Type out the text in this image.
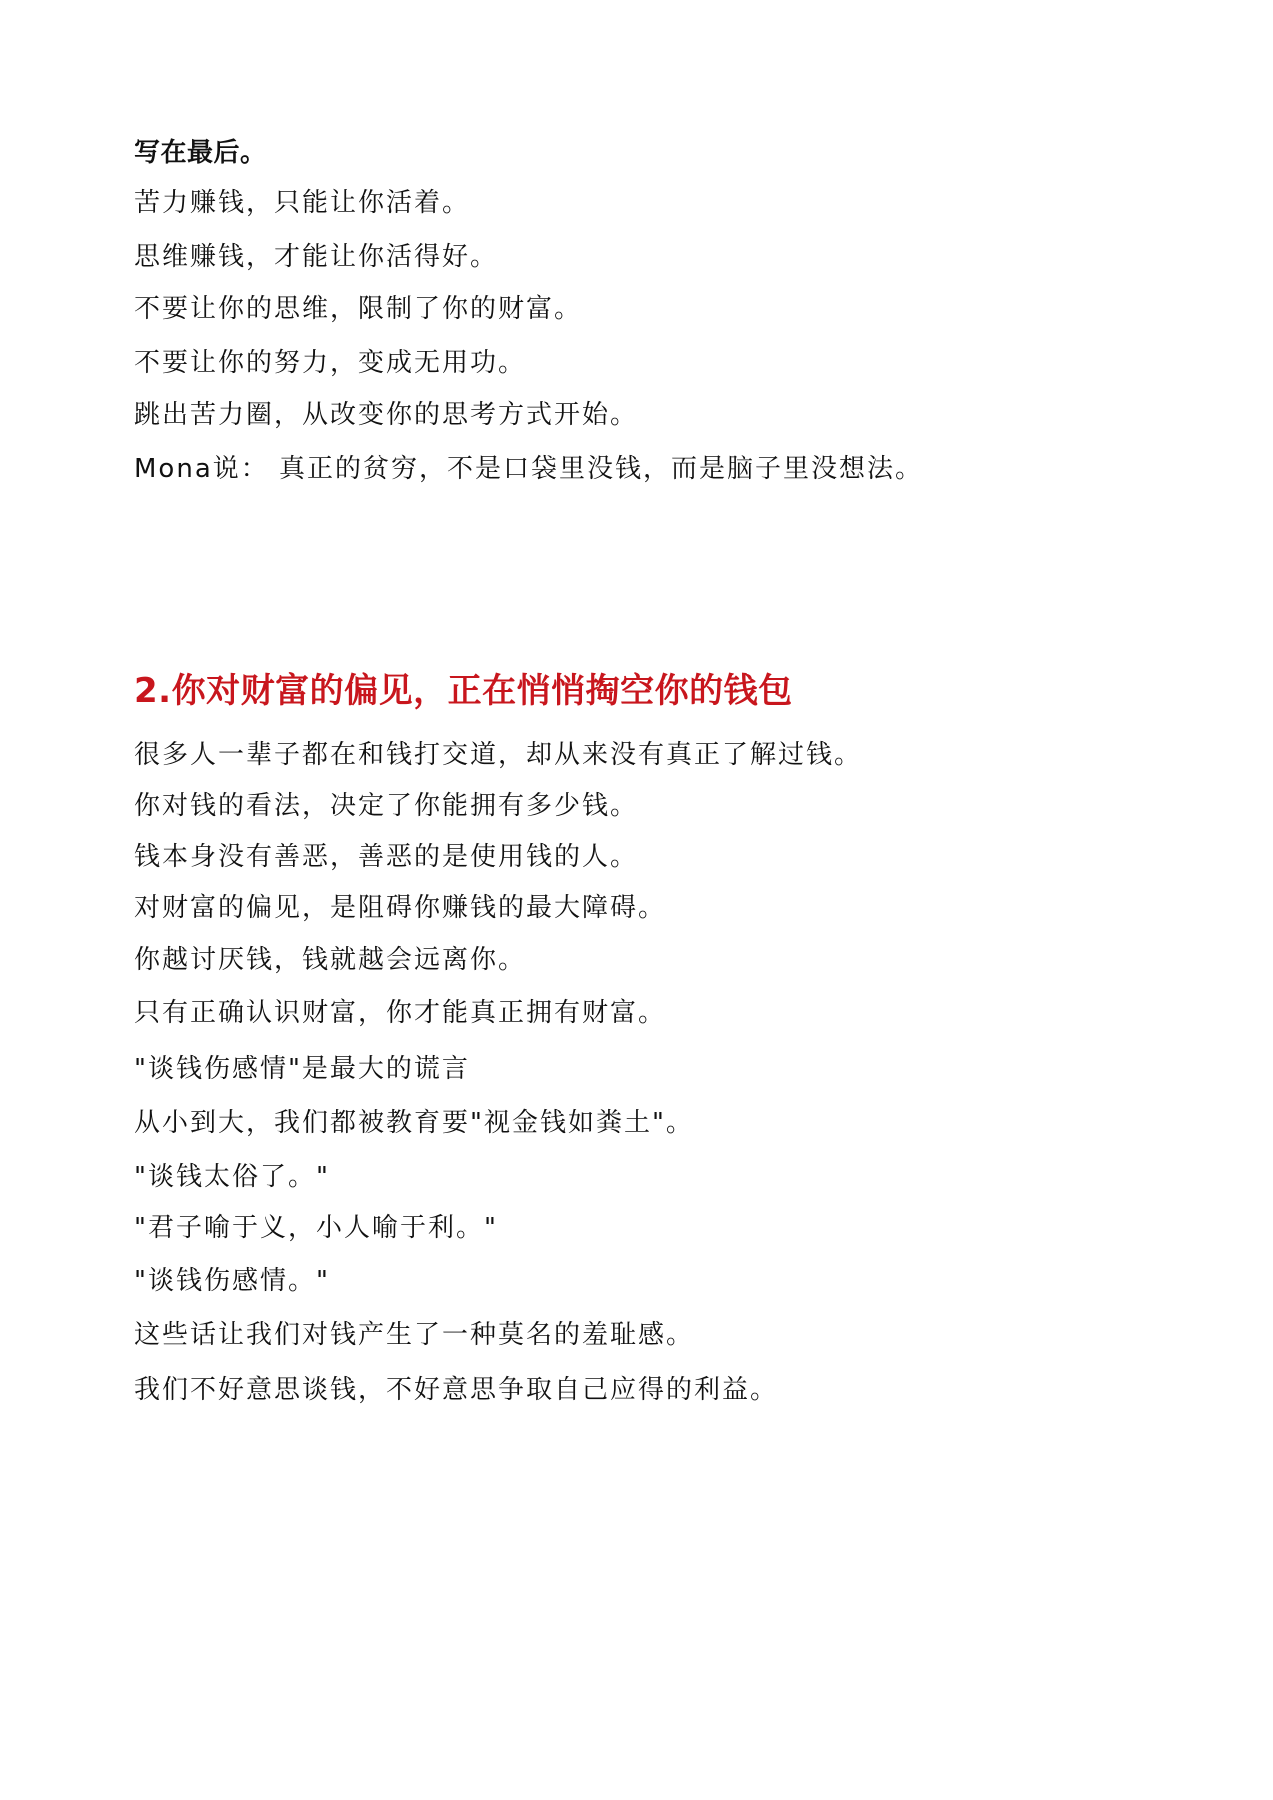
写在最后。

苦力赚钱，只能让你活着。

思维赚钱，才能让你活得好。

不要让你的思维，限制了你的财富。

不要让你的努力，变成无用功。

跳出苦力圈，从改变你的思考方式开始。

Mona说： 真正的贫穷，不是口袋里没钱，而是脑子里没想法。

2.你对财富的偏见，正在悄悄掏空你的钱包

很多人一辈子都在和钱打交道，却从来没有真正了解过钱。

你对钱的看法，决定了你能拥有多少钱。

钱本身没有善恶，善恶的是使用钱的人。

对财富的偏见，是阻碍你赚钱的最大障碍。

你越讨厌钱，钱就越会远离你。

只有正确认识财富，你才能真正拥有财富。

"谈钱伤感情"是最大的谎言

从小到大，我们都被教育要"视金钱如粪土"。

"谈钱太俗了。"

"君子喻于义，小人喻于利。"

"谈钱伤感情。"

这些话让我们对钱产生了一种莫名的羞耻感。

我们不好意思谈钱，不好意思争取自己应得的利益。
